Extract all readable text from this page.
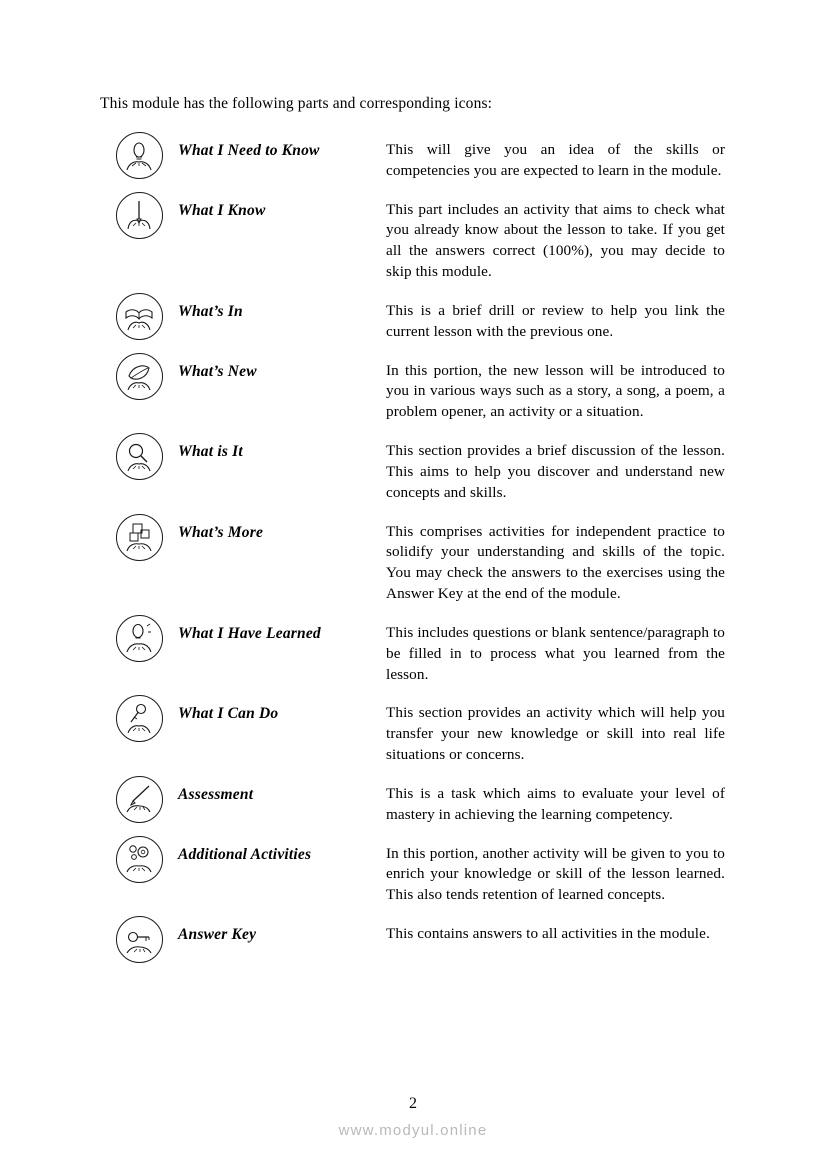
This module has the following parts and corresponding icons:
What I Need to Know	This will give you an idea of the skills or competencies you are expected to learn in the module.
What I Know	This part includes an activity that aims to check what you already know about the lesson to take. If you get all the answers correct (100%), you may decide to skip this module.
What’s In	This is a brief drill or review to help you link the current lesson with the previous one.
What’s New	In this portion, the new lesson will be introduced to you in various ways such as a story, a song, a poem, a problem opener, an activity or a situation.
What is It	This section provides a brief discussion of the lesson. This aims to help you discover and understand new concepts and skills.
What’s More	This comprises activities for independent practice to solidify your understanding and skills of the topic. You may check the answers to the exercises using the Answer Key at the end of the module.
What I Have Learned	This includes questions or blank sentence/paragraph to be filled in to process what you learned from the lesson.
What I Can Do	This section provides an activity which will help you transfer your new knowledge or skill into real life situations or concerns.
Assessment	This is a task which aims to evaluate your level of mastery in achieving the learning competency.
Additional Activities	In this portion, another activity will be given to you to enrich your knowledge or skill of the lesson learned. This also tends retention of learned concepts.
Answer Key	This contains answers to all activities in the module.
2
www.modyul.online
